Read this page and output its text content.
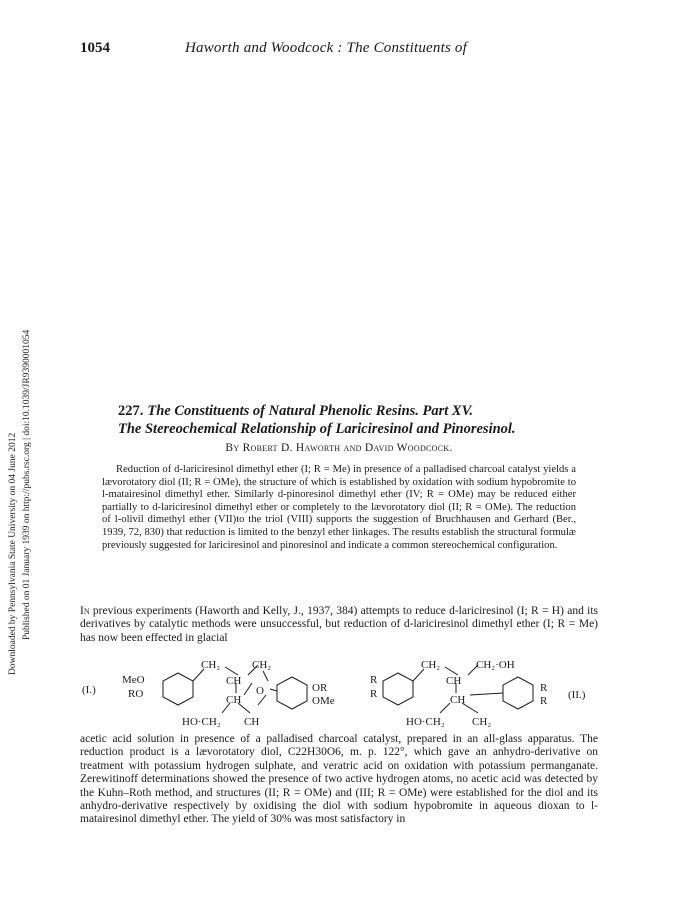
1054	Haworth and Woodcock : The Constituents of
Downloaded by Pennsylvania State University on 04 June 2012 Published on 01 January 1939 on http://pubs.rsc.org | doi:10.1039/JR9390001054	227. The Constituents of Natural Phenolic Resins. Part XV.
The Stereochemical Relationship of Lariciresinol and Pinoresinol.
By Robert D. Haworth and David Woodcock.

Reduction of d-lariciresinol dimethyl ether (I; R = Me) in presence of a palladised charcoal catalyst yields a lævorotatory diol (II; R = OMe), the structure of which is established by oxidation with sodium hypobromite to l-matairesinol dimethyl ether. Similarly d-pinoresinol dimethyl ether (IV; R = OMe) may be reduced either partially to d-lariciresinol dimethyl ether or completely to the lævorotatory diol (II; R = OMe). The reduction of l-olivil dimethyl ether (VII)to the triol (VIII) supports the suggestion of Bruchhausen and Gerhard (Ber., 1939, 72, 830) that reduction is limited to the benzyl ether linkages. The results establish the structural formulæ previously suggested for lariciresinol and pinoresinol and indicate a common stereochemical configuration.

In previous experiments (Haworth and Kelly, J., 1937, 384) attempts to reduce d-lariciresinol (I; R = H) and its derivatives by catalytic methods were unsuccessful, but reduction of d-lariciresinol dimethyl ether (I; R = Me) has now been effected in glacial

(I.)
MeO
RO
CH₂
CH
CH₂
CH
O	OR
OMe
HO·CH₂ CH
R
R
CH₂
CH
CH₂·OH
CH
R
R (II.)
HO·CH₂ CH₂

acetic acid solution in presence of a palladised charcoal catalyst, prepared in an all-glass apparatus. The reduction product is a lævorotatory diol, C22H30O6, m. p. 122°, which gave an anhydro-derivative on treatment with potassium hydrogen sulphate, and veratric acid on oxidation with potassium permanganate. Zerewitinoff determinations showed the presence of two active hydrogen atoms, no acetic acid was detected by the Kuhn–Roth method, and structures (II; R = OMe) and (III; R = OMe) were established for the diol and its anhydro-derivative respectively by oxidising the diol with sodium hypobromite in aqueous dioxan to l-matairesinol dimethyl ether. The yield of 30% was most satisfactory in
